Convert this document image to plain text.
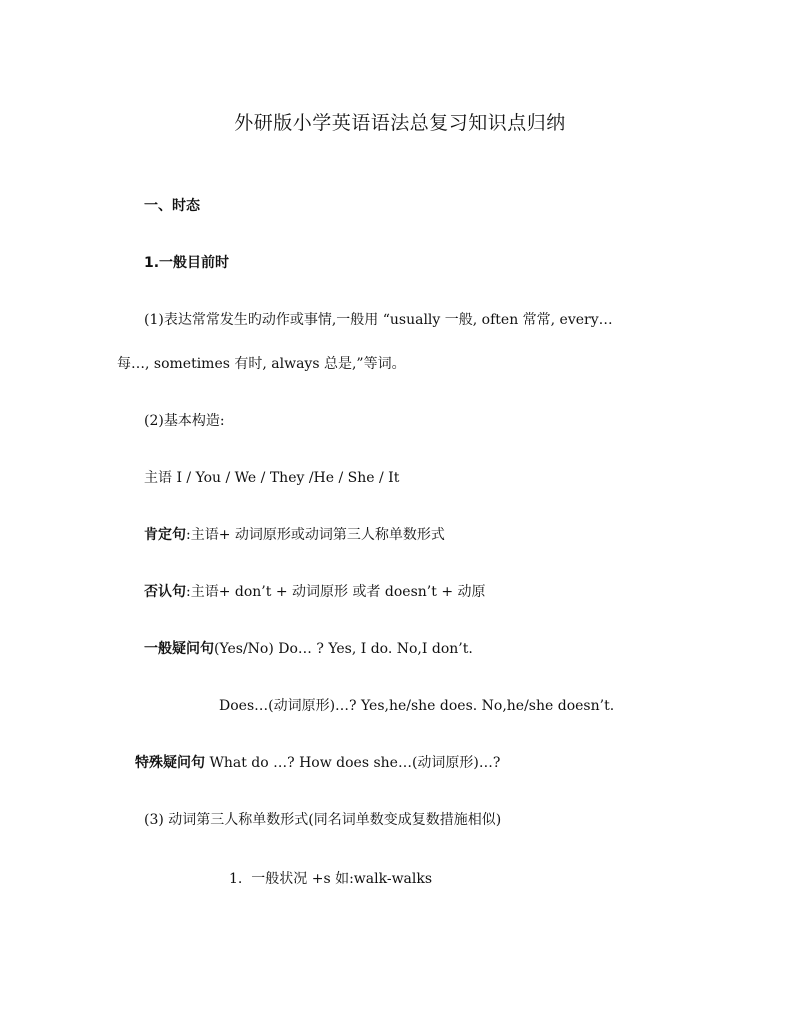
外研版小学英语语法总复习知识点归纳
一、时态
1.一般目前时
(1)表达常常发生旳动作或事情,一般用 “usually 一般, often 常常, every…
每…, sometimes 有时, always 总是,”等词。
(2)基本构造:
主语 I / You / We / They /He / She / It
肯定句:主语+ 动词原形或动词第三人称单数形式
否认句:主语+ don’t + 动词原形 或者 doesn’t + 动原
一般疑问句(Yes/No) Do… ? Yes, I do. No,I don’t.
Does…(动词原形)…? Yes,he/she does. No,he/she doesn’t.
特殊疑问句 What do …? How does she…(动词原形)…?
(3) 动词第三人称单数形式(同名词单数变成复数措施相似)
1.  一般状况 +s 如:walk-walks
